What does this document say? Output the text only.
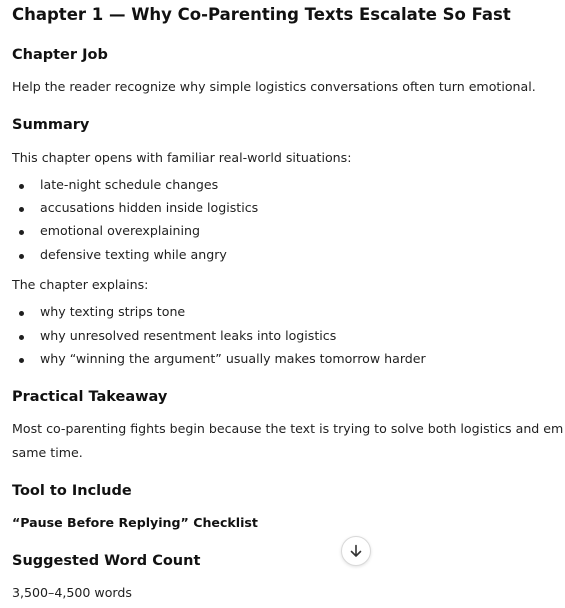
Chapter 1 — Why Co-Parenting Texts Escalate So Fast
Chapter Job
Help the reader recognize why simple logistics conversations often turn emotional.
Summary
This chapter opens with familiar real-world situations:
late-night schedule changes
accusations hidden inside logistics
emotional overexplaining
defensive texting while angry
The chapter explains:
why texting strips tone
why unresolved resentment leaks into logistics
why “winning the argument” usually makes tomorrow harder
Practical Takeaway
Most co-parenting fights begin because the text is trying to solve both logistics and em
same time.
Tool to Include
“Pause Before Replying” Checklist
Suggested Word Count
3,500–4,500 words
